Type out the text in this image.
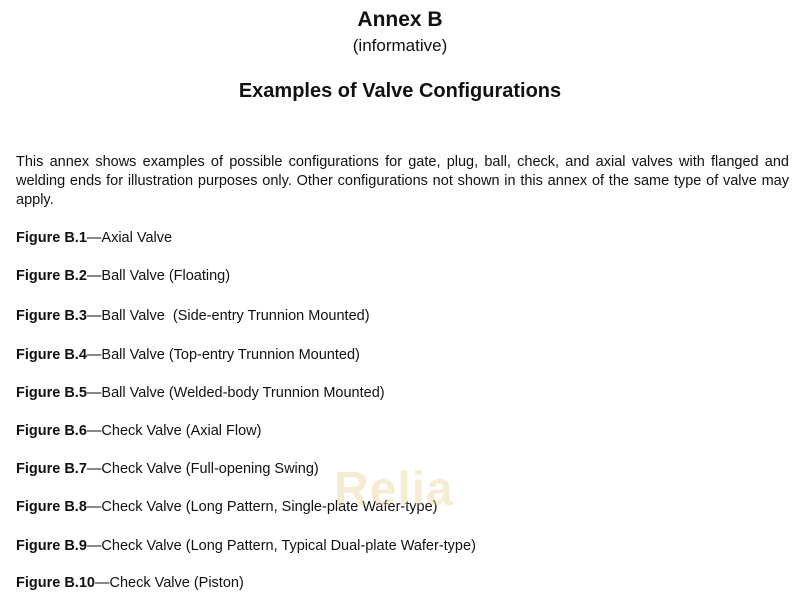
Annex B
(informative)
Examples of Valve Configurations

This annex shows examples of possible configurations for gate, plug, ball, check, and axial valves with flanged and welding ends for illustration purposes only. Other configurations not shown in this annex of the same type of valve may apply.

Figure B.1—Axial Valve
Figure B.2—Ball Valve (Floating)
Figure B.3—Ball Valve  (Side-entry Trunnion Mounted)
Figure B.4—Ball Valve (Top-entry Trunnion Mounted)
Figure B.5—Ball Valve (Welded-body Trunnion Mounted)
Figure B.6—Check Valve (Axial Flow)
Figure B.7—Check Valve (Full-opening Swing)
Figure B.8—Check Valve (Long Pattern, Single-plate Wafer-type)
Figure B.9—Check Valve (Long Pattern, Typical Dual-plate Wafer-type)
Figure B.10—Check Valve (Piston)
Relia
